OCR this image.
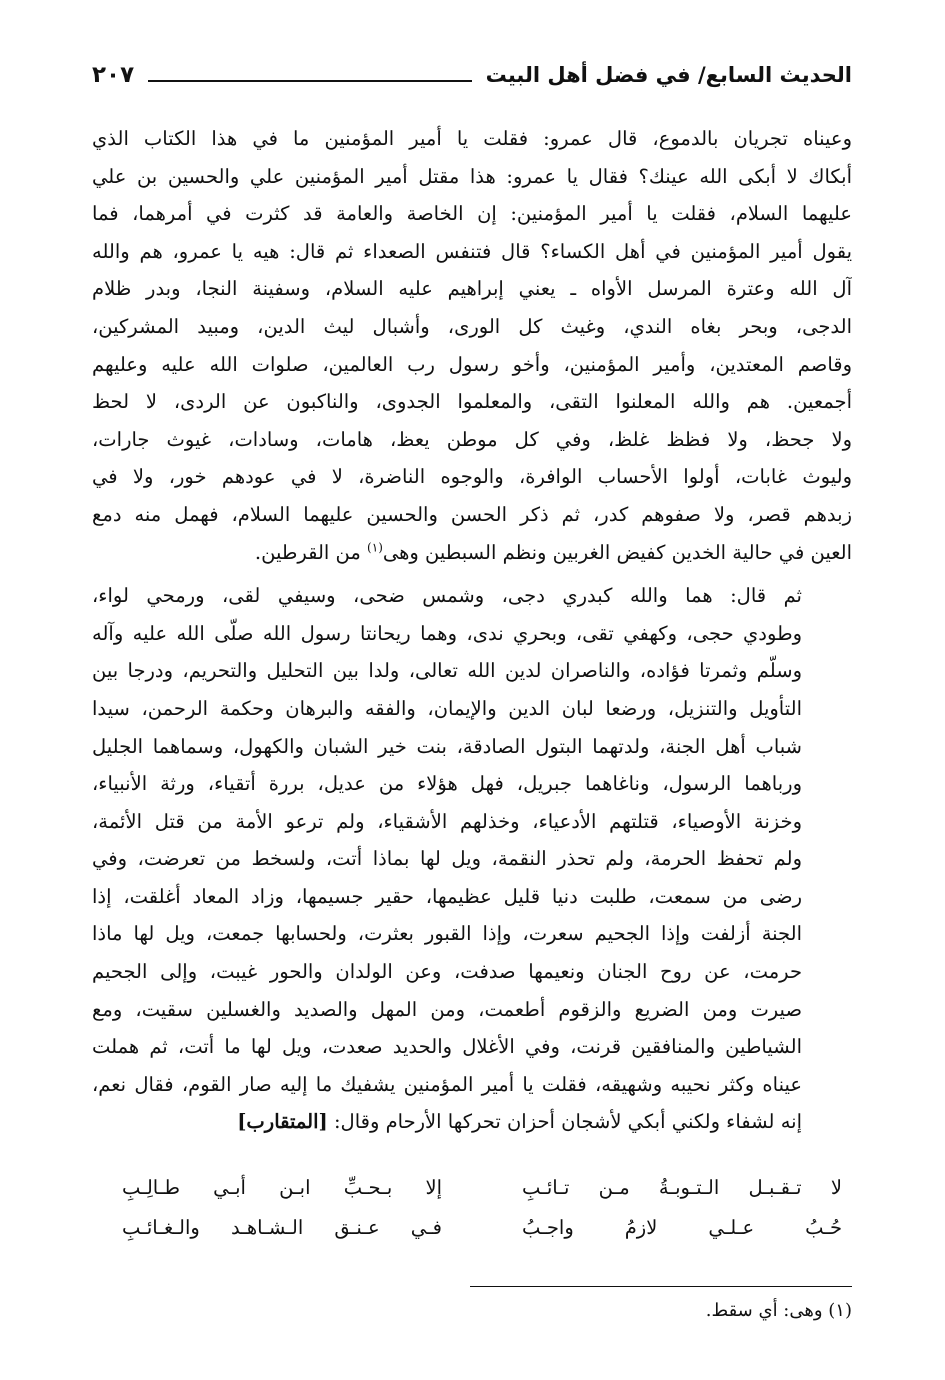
الحديث السابع/ في فضل أهل البيت
٢٠٧

وعيناه تجريان بالدموع، قال عمرو: فقلت يا أمير المؤمنين ما في هذا الكتاب الذي
أبكاك لا أبكى الله عينك؟ فقال يا عمرو: هذا مقتل أمير المؤمنين علي والحسين بن علي
عليهما السلام، فقلت يا أمير المؤمنين: إن الخاصة والعامة قد كثرت في أمرهما، فما
يقول أمير المؤمنين في أهل الكساء؟ قال فتنفس الصعداء ثم قال: هيه يا عمرو، هم والله
آل الله وعترة المرسل الأواه ـ يعني إبراهيم عليه السلام، وسفينة النجا، وبدر ظلام
الدجى، وبحر بغاه الندي، وغيث كل الورى، وأشبال ليث الدين، ومبيد المشركين،
وقاصم المعتدين، وأمير المؤمنين، وأخو رسول رب العالمين، صلوات الله عليه وعليهم
أجمعين. هم والله المعلنوا التقى، والمعلموا الجدوى، والناكبون عن الردى، لا لحظ
ولا جحظ، ولا فظظ غلظ، وفي كل موطن يعظ، هامات، وسادات، غيوث جارات،
وليوث غابات، أولوا الأحساب الوافرة، والوجوه الناضرة، لا في عودهم خور، ولا في
زبدهم قصر، ولا صفوهم كدر، ثم ذكر الحسن والحسين عليهما السلام، فهمل منه دمع
العين في حالية الخدين كفيض الغربين ونظم السبطين وهى$^{(١)}$ من القرطين.

ثم قال: هما والله كبدري دجى، وشمس ضحى، وسيفي لقى، ورمحي لواء،
وطودي حجى، وكهفي تقى، وبحري ندى، وهما ريحانتا رسول الله صلّى الله عليه وآله
وسلّم وثمرتا فؤاده، والناصران لدين الله تعالى، ولدا بين التحليل والتحريم، ودرجا بين
التأويل والتنزيل، ورضعا لبان الدين والإيمان، والفقه والبرهان وحكمة الرحمن، سيدا
شباب أهل الجنة، ولدتهما البتول الصادقة، بنت خير الشبان والكهول، وسماهما الجليل
ورباهما الرسول، وناغاهما جبريل، فهل هؤلاء من عديل، بررة أتقياء، ورثة الأنبياء،
وخزنة الأوصياء، قتلتهم الأدعياء، وخذلهم الأشقياء، ولم ترعو الأمة من قتل الأئمة،
ولم تحفظ الحرمة، ولم تحذر النقمة، ويل لها بماذا أتت، ولسخط من تعرضت، وفي
رضى من سمعت، طلبت دنيا قليل عظيمها، حقير جسيمها، وزاد المعاد أغلقت، إذا
الجنة أزلفت وإذا الجحيم سعرت، وإذا القبور بعثرت، ولحسابها جمعت، ويل لها ماذا
حرمت، عن روح الجنان ونعيمها صدفت، وعن الولدان والحور غيبت، وإلى الجحيم
صيرت ومن الضريع والزقوم أطعمت، ومن المهل والصديد والغسلين سقيت، ومع
الشياطين والمنافقين قرنت، وفي الأغلال والحديد صعدت، ويل لها ما أتت، ثم هملت
عيناه وكثر نحيبه وشهيقه، فقلت يا أمير المؤمنين يشفيك ما إليه صار القوم، فقال نعم،
إنه لشفاء ولكني أبكي لأشجان أحزان تحركها الأرحام وقال: [المتقارب]

لا تـقـبـل الـتـوبـةُ مـن تـائـبِ
إلا بـحـبِّ ابـن أبـي طـالِـبِ
حُـبُ عـلـي لازمُ واجـبُ
فـي عـنـق الـشـاهـد والـغـائـبِ
(١) وهى: أي سقط.
